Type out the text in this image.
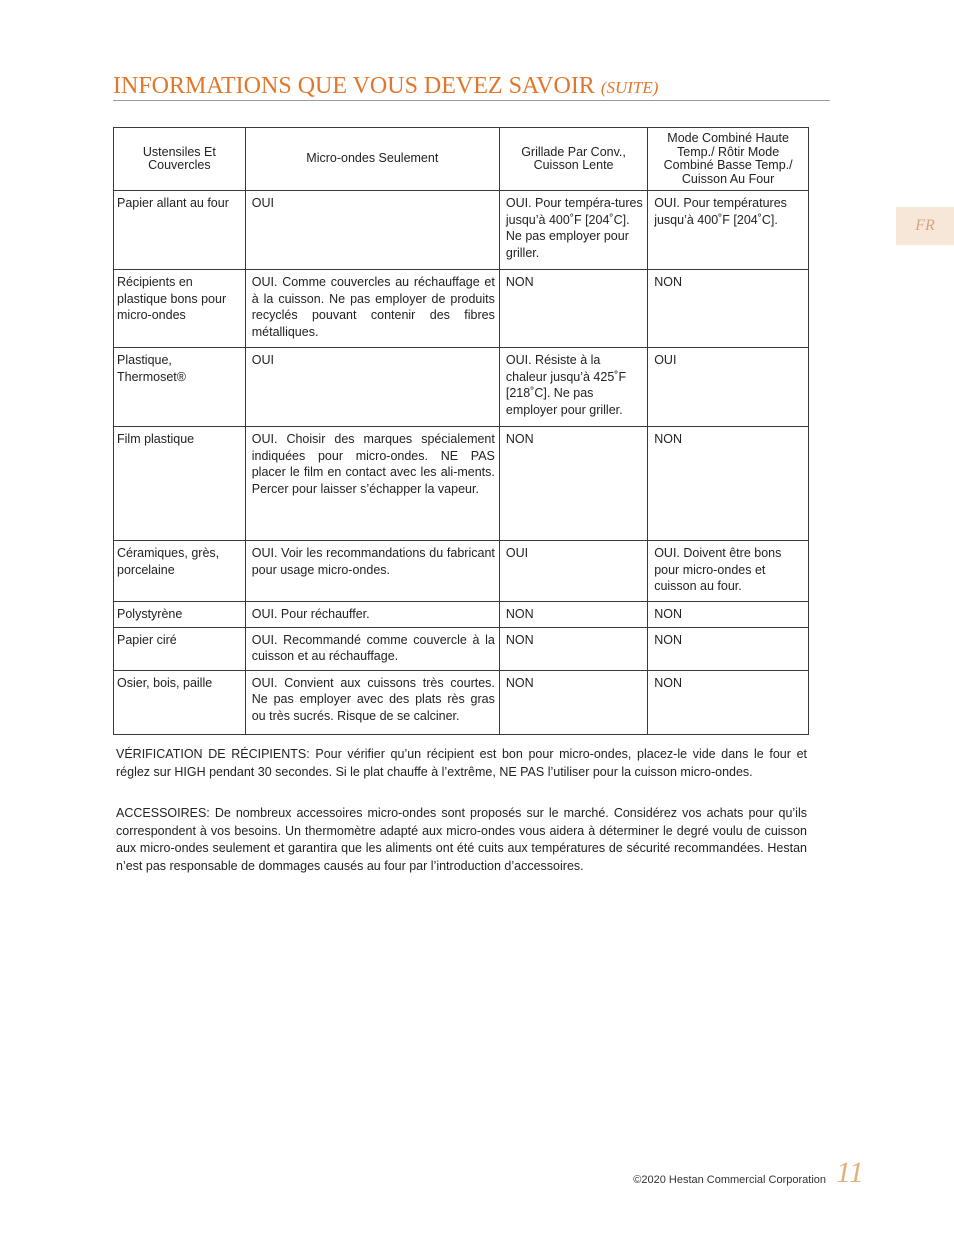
INFORMATIONS QUE VOUS DEVEZ SAVOIR (SUITE)
FR
Ustensiles Et Couvercles	Micro-ondes Seulement	Grillade Par Conv., Cuisson Lente	Mode Combiné Haute Temp./ Rôtir Mode Combiné Basse Temp./ Cuisson Au Four
Papier allant au four	OUI	OUI. Pour tempéra-tures jusqu’à 400˚F [204˚C]. Ne pas employer pour griller.	OUI. Pour températures jusqu’à 400˚F [204˚C].
Récipients en plastique bons pour micro-ondes	OUI. Comme couvercles au réchauffage et à la cuisson. Ne pas employer de produits recyclés pouvant contenir des fibres métalliques.	NON	NON
Plastique, Thermoset®	OUI	OUI. Résiste à la chaleur jusqu’à 425˚F [218˚C]. Ne pas employer pour griller.	OUI
Film plastique	OUI. Choisir des marques spécialement indiquées pour micro-ondes. NE PAS placer le film en contact avec les ali-ments. Percer pour laisser s’échapper la vapeur.	NON	NON
Céramiques, grès, porcelaine	OUI. Voir les recommandations du fabricant pour usage micro-ondes.	OUI	OUI. Doivent être bons pour micro-ondes et cuisson au four.
Polystyrène	OUI. Pour réchauffer.	NON	NON
Papier ciré	OUI. Recommandé comme couvercle à la cuisson et au réchauffage.	NON	NON
Osier, bois, paille	OUI. Convient aux cuissons très courtes. Ne pas employer avec des plats rès gras ou très sucrés. Risque de se calciner.	NON	NON

VÉRIFICATION DE RÉCIPIENTS: Pour vérifier qu’un récipient est bon pour micro-ondes, placez-le vide dans le four et réglez sur HIGH pendant 30 secondes. Si le plat chauffe à l’extrême, NE PAS l’utiliser pour la cuisson micro-ondes.

ACCESSOIRES: De nombreux accessoires micro-ondes sont proposés sur le marché. Considérez vos achats pour qu’ils correspondent à vos besoins. Un thermomètre adapté aux micro-ondes vous aidera à déterminer le degré voulu de cuisson aux micro-ondes seulement et garantira que les aliments ont été cuits aux températures de sécurité recommandées. Hestan n’est pas responsable de dommages causés au four par l’introduction d’accessoires.

©2020 Hestan Commercial Corporation 11
